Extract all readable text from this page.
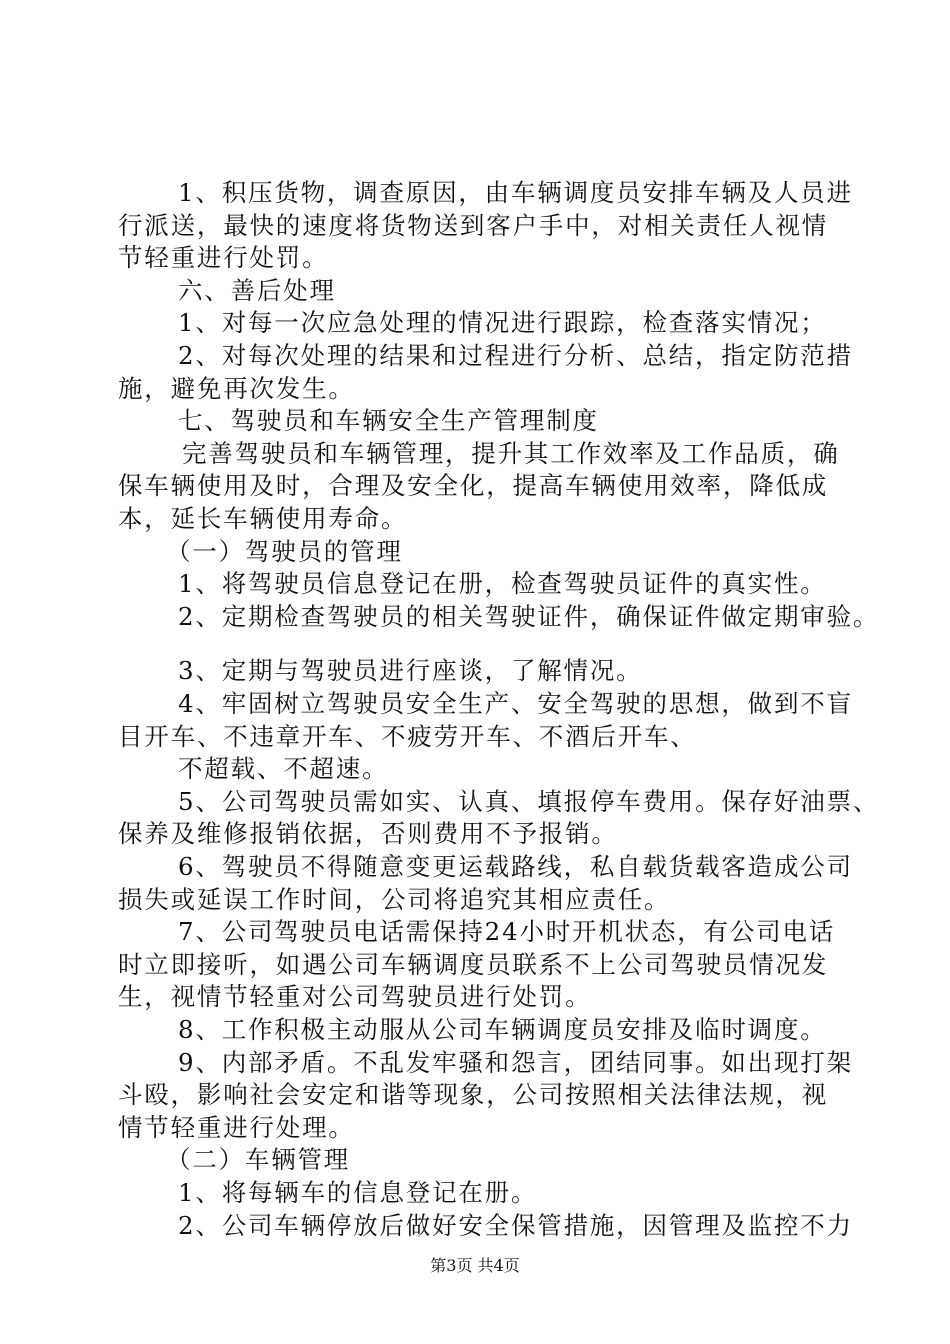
1、积压货物，调查原因，由车辆调度员安排车辆及人员进
行派送，最快的速度将货物送到客户手中，对相关责任人视情
节轻重进行处罚。
六、善后处理
1、对每一次应急处理的情况进行跟踪，检查落实情况；
2、对每次处理的结果和过程进行分析、总结，指定防范措
施，避免再次发生。
七、驾驶员和车辆安全生产管理制度
完善驾驶员和车辆管理，提升其工作效率及工作品质，确
保车辆使用及时，合理及安全化，提高车辆使用效率，降低成
本，延长车辆使用寿命。
（一）驾驶员的管理
1、将驾驶员信息登记在册，检查驾驶员证件的真实性。
2、定期检查驾驶员的相关驾驶证件，确保证件做定期审验。
3、定期与驾驶员进行座谈，了解情况。
4、牢固树立驾驶员安全生产、安全驾驶的思想，做到不盲
目开车、不违章开车、不疲劳开车、不酒后开车、
不超载、不超速。
5、公司驾驶员需如实、认真、填报停车费用。保存好油票、
保养及维修报销依据，否则费用不予报销。
6、驾驶员不得随意变更运载路线，私自载货载客造成公司
损失或延误工作时间，公司将追究其相应责任。
7、公司驾驶员电话需保持24小时开机状态，有公司电话
时立即接听，如遇公司车辆调度员联系不上公司驾驶员情况发
生，视情节轻重对公司驾驶员进行处罚。
8、工作积极主动服从公司车辆调度员安排及临时调度。
9、内部矛盾。不乱发牢骚和怨言，团结同事。如出现打架
斗殴，影响社会安定和谐等现象，公司按照相关法律法规，视
情节轻重进行处理。
（二）车辆管理
1、将每辆车的信息登记在册。
2、公司车辆停放后做好安全保管措施，因管理及监控不力
第3页 共4页
